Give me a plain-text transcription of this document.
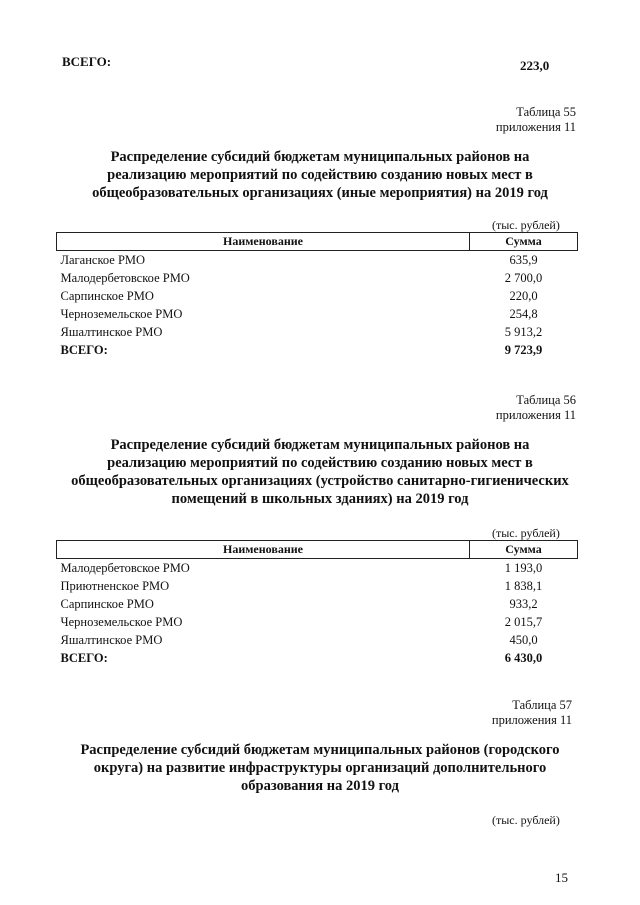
ВСЕГО:	223,0
Таблица 55
приложения 11
Распределение субсидий бюджетам муниципальных районов на
реализацию мероприятий по содействию созданию новых мест в
общеобразовательных организациях (иные мероприятия) на 2019 год
(тыс. рублей)
Наименование	Сумма
Лаганское РМО	635,9
Малодербетовское РМО	2 700,0
Сарпинское РМО	220,0
Черноземельское РМО	254,8
Яшалтинское РМО	5 913,2
ВСЕГО:	9 723,9
Таблица 56
приложения 11
Распределение субсидий бюджетам муниципальных районов на
реализацию мероприятий по содействию созданию новых мест в
общеобразовательных организациях (устройство санитарно-гигиенических
помещений в школьных зданиях) на 2019 год
(тыс. рублей)
Наименование	Сумма
Малодербетовское РМО	1 193,0
Приютненское РМО	1 838,1
Сарпинское РМО	933,2
Черноземельское РМО	2 015,7
Яшалтинское РМО	450,0
ВСЕГО:	6 430,0
Таблица 57
приложения 11
Распределение субсидий бюджетам муниципальных районов (городского
округа) на развитие инфраструктуры организаций дополнительного
образования на 2019 год
(тыс. рублей)
15
